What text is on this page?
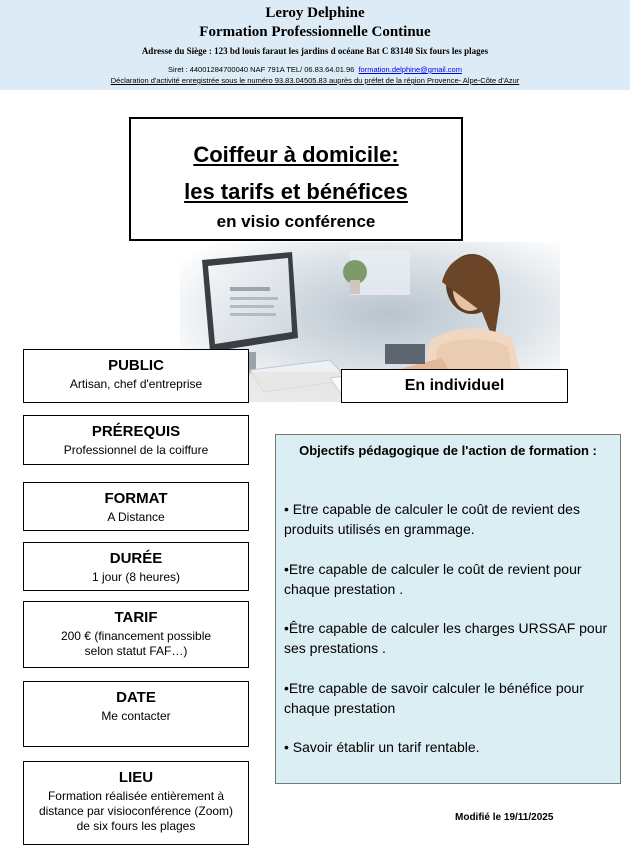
Leroy Delphine
Formation Professionnelle Continue
Adresse du Siège : 123 bd louis faraut les jardins d océane Bat C 83140 Six fours les plages
Siret : 44001284700040 NAF 791A TEL/ 06.83.64.01.96 formation.delphine@gmail.com
Déclaration d'activité enregistrée sous le numéro 93.83.04505.83 auprès du préfet de la région Provence- Alpe-Côte d'Azur
Coiffeur à domicile:
les tarifs et bénéfices
en visio conférence
PUBLIC
Artisan, chef d'entreprise
PRÉREQUIS
Professionnel de la coiffure
FORMAT
A Distance
DURÉE
1 jour (8 heures)
TARIF
200 € (financement possible selon statut FAF…)
DATE
Me contacter
LIEU
Formation réalisée entièrement à distance par visioconférence (Zoom) de six fours les plages
En individuel
Objectifs pédagogique de l'action de formation :
• Etre capable de calculer le coût de revient des produits utilisés en grammage.
•Etre capable de calculer le coût de revient pour chaque prestation .
•Être capable de calculer les charges URSSAF pour ses prestations .
•Etre capable de savoir calculer le bénéfice pour chaque prestation
• Savoir établir un tarif rentable.
Modifié le 19/11/2025
